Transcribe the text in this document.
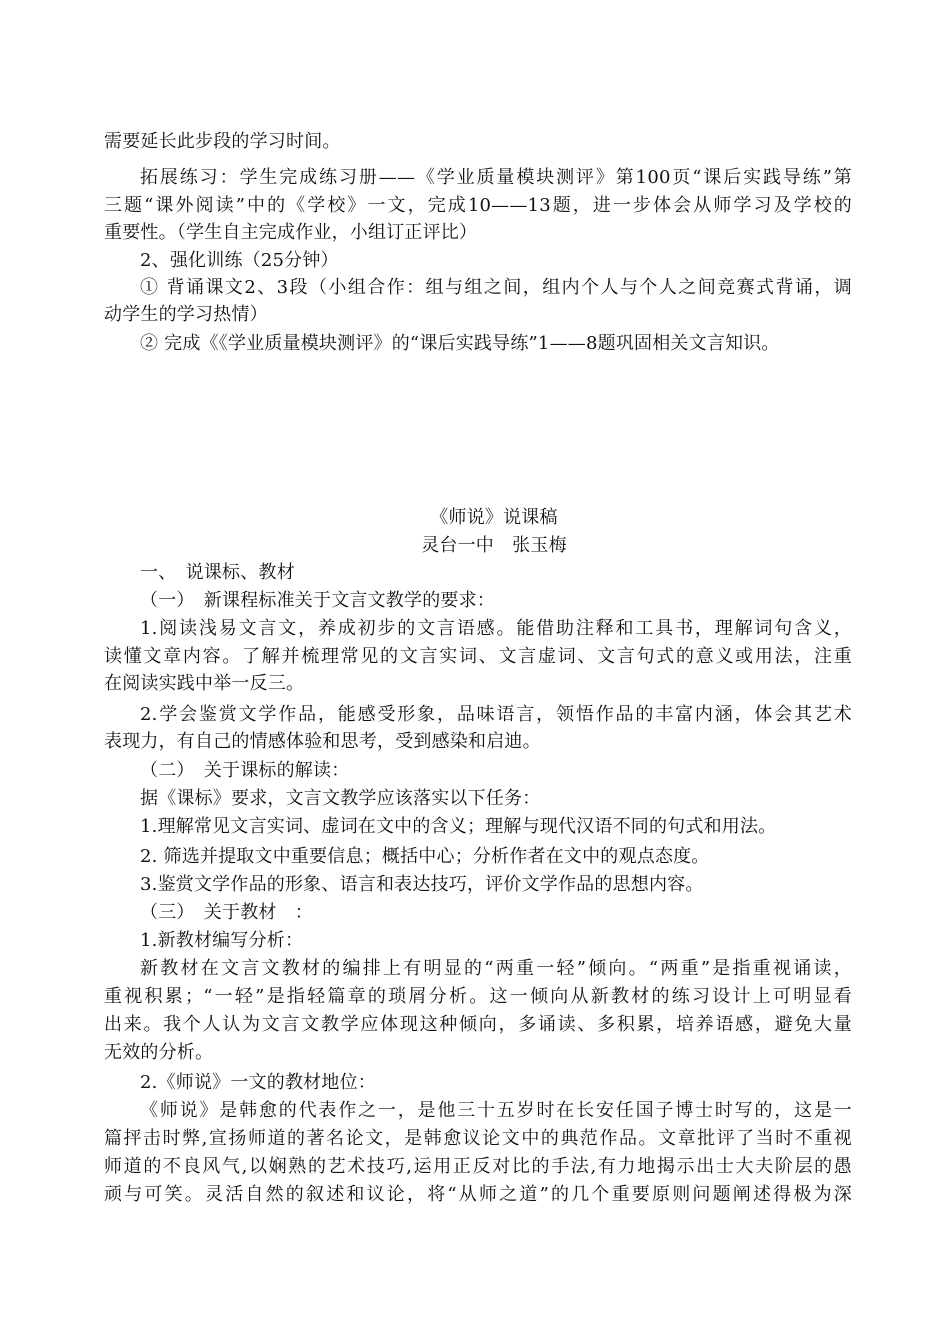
需要延长此步段的学习时间。
拓展练习：学生完成练习册——《学业质量模块测评》第100页“课后实践导练”第
三题“课外阅读”中的《学校》一文，完成10——13题，进一步体会从师学习及学校的
重要性。（学生自主完成作业，小组订正评比）
2、强化训练（25分钟）
① 背诵课文2、3段（小组合作：组与组之间，组内个人与个人之间竞赛式背诵，调
动学生的学习热情）
② 完成《《学业质量模块测评》的“课后实践导练”1——8题巩固相关文言知识。
《师说》说课稿
灵台一中　张玉梅
一、　说课标、教材
（一）　新课程标准关于文言文教学的要求：
1.阅读浅易文言文，养成初步的文言语感。能借助注释和工具书，理解词句含义，
读懂文章内容。了解并梳理常见的文言实词、文言虚词、文言句式的意义或用法，注重
在阅读实践中举一反三。
2.学会鉴赏文学作品，能感受形象，品味语言，领悟作品的丰富内涵，体会其艺术
表现力，有自己的情感体验和思考，受到感染和启迪。
（二）　关于课标的解读：
据《课标》要求，文言文教学应该落实以下任务：
1.理解常见文言实词、虚词在文中的含义；理解与现代汉语不同的句式和用法。
2. 筛选并提取文中重要信息；概括中心；分析作者在文中的观点态度。
3.鉴赏文学作品的形象、语言和表达技巧，评价文学作品的思想内容。
（三）　关于教材　：
1.新教材编写分析：
新教材在文言文教材的编排上有明显的“两重一轻”倾向。“两重”是指重视诵读，
重视积累；“一轻”是指轻篇章的琐屑分析。这一倾向从新教材的练习设计上可明显看
出来。我个人认为文言文教学应体现这种倾向，多诵读、多积累，培养语感，避免大量
无效的分析。
2.《师说》一文的教材地位：
《师说》是韩愈的代表作之一，是他三十五岁时在长安任国子博士时写的，这是一
篇抨击时弊,宣扬师道的著名论文，是韩愈议论文中的典范作品。文章批评了当时不重视
师道的不良风气,以娴熟的艺术技巧,运用正反对比的手法,有力地揭示出士大夫阶层的愚
顽与可笑。灵活自然的叙述和议论，将“从师之道”的几个重要原则问题阐述得极为深
